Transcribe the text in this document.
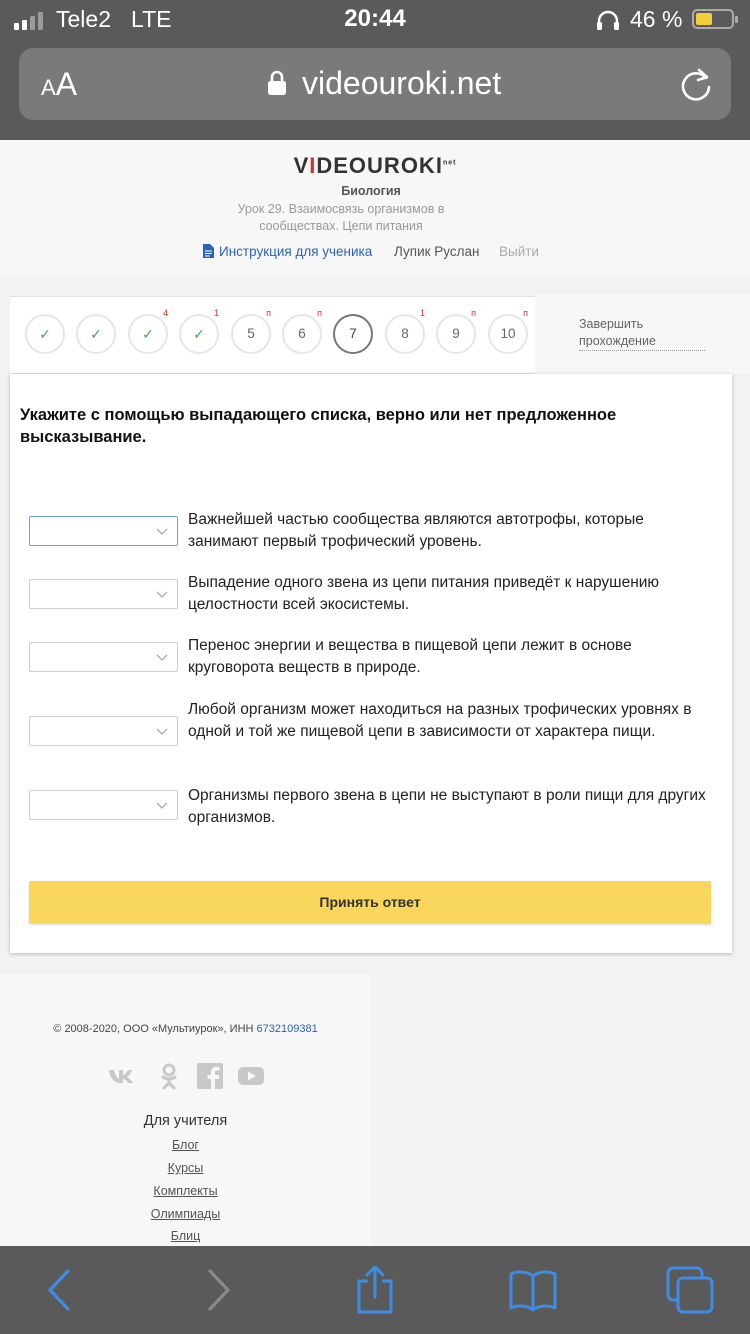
Tele2 LTE	20:44	46 %
AA	videouroki.net
$VIDEOUROKI^{net}$
Биология
Урок 29. Взаимосвязь организмов в сообществах. Цепи питания
Инструкция для ученика Лупик Руслан Выйти
✓	✓	✓
4
✓
1
5
п
6
п
7	8
1
9
п
10
п
Завершить прохождение
Укажите с помощью выпадающего списка, верно или нет предложенное высказывание.
Важнейшей частью сообщества являются автотрофы, которые занимают первый трофический уровень.
Выпадение одного звена из цепи питания приведёт к нарушению целостности всей экосистемы.
Перенос энергии и вещества в пищевой цепи лежит в основе круговорота веществ в природе.
Любой организм может находиться на разных трофических уровнях в одной и той же пищевой цепи в зависимости от характера пищи.
Организмы первого звена в цепи не выступают в роли пищи для других организмов.
Принять ответ
© 2008-2020, ООО «Мультиурок», ИНН 6732109381
Для учителя
Блог
Курсы
Комплекты
Олимпиады
Блиц
